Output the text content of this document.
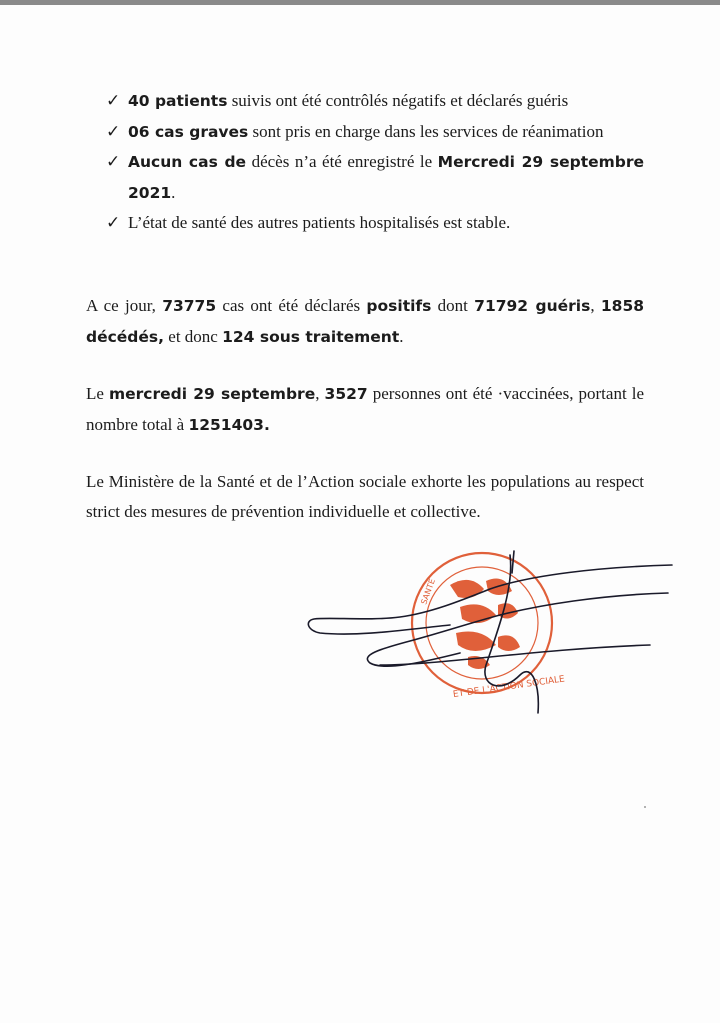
✓ 40 patients suivis ont été contrôlés négatifs et déclarés guéris
✓ 06 cas graves sont pris en charge dans les services de réanimation
✓ Aucun cas de décès n’a été enregistré le Mercredi 29 septembre 2021.
✓ L’état de santé des autres patients hospitalisés est stable.
A ce jour, 73775 cas ont été déclarés positifs dont 71792 guéris, 1858 décédés, et donc 124 sous traitement.
Le mercredi 29 septembre, 3527 personnes ont été ·vaccinées, portant le nombre total à 1251403.
Le Ministère de la Santé et de l’Action sociale exhorte les populations au respect strict des mesures de prévention individuelle et collective.
ET DE L'ACTION SOCIALE
SANTÉ
